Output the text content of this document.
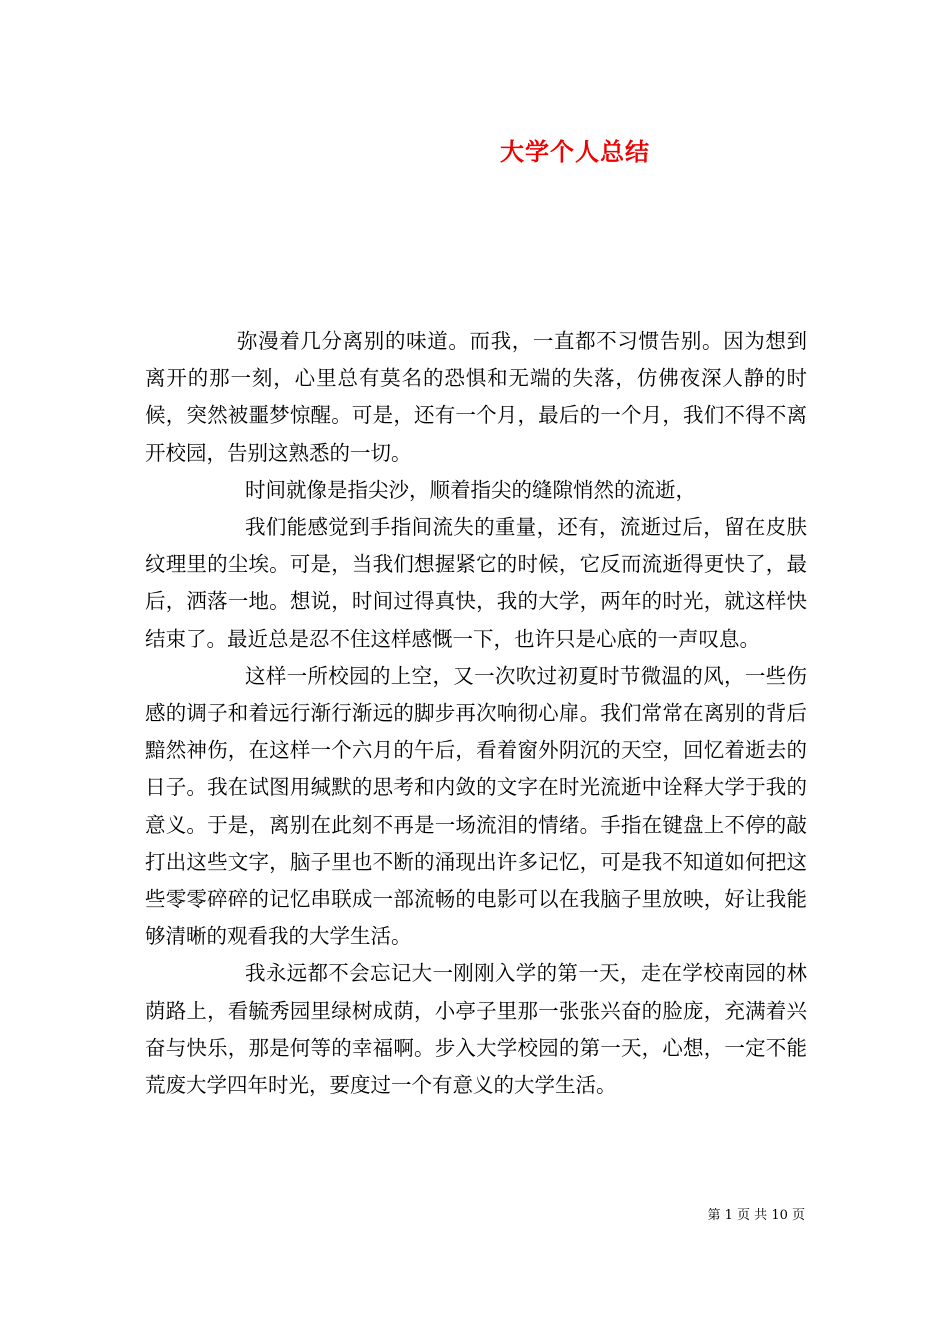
大学个人总结

弥漫着几分离别的味道。而我，一直都不习惯告别。因为想到离开的那一刻，心里总有莫名的恐惧和无端的失落，仿佛夜深人静的时候，突然被噩梦惊醒。可是，还有一个月，最后的一个月，我们不得不离开校园，告别这熟悉的一切。

时间就像是指尖沙，顺着指尖的缝隙悄然的流逝，

我们能感觉到手指间流失的重量，还有，流逝过后，留在皮肤纹理里的尘埃。可是，当我们想握紧它的时候，它反而流逝得更快了，最后，洒落一地。想说，时间过得真快，我的大学，两年的时光，就这样快结束了。最近总是忍不住这样感慨一下，也许只是心底的一声叹息。

这样一所校园的上空，又一次吹过初夏时节微温的风，一些伤感的调子和着远行渐行渐远的脚步再次响彻心扉。我们常常在离别的背后黯然神伤，在这样一个六月的午后，看着窗外阴沉的天空，回忆着逝去的日子。我在试图用缄默的思考和内敛的文字在时光流逝中诠释大学于我的意义。于是，离别在此刻不再是一场流泪的情绪。手指在键盘上不停的敲打出这些文字，脑子里也不断的涌现出许多记忆，可是我不知道如何把这些零零碎碎的记忆串联成一部流畅的电影可以在我脑子里放映，好让我能够清晰的观看我的大学生活。

我永远都不会忘记大一刚刚入学的第一天，走在学校南园的林荫路上，看毓秀园里绿树成荫，小亭子里那一张张兴奋的脸庞，充满着兴奋与快乐，那是何等的幸福啊。步入大学校园的第一天，心想，一定不能荒废大学四年时光，要度过一个有意义的大学生活。

第 1 页 共 10 页
